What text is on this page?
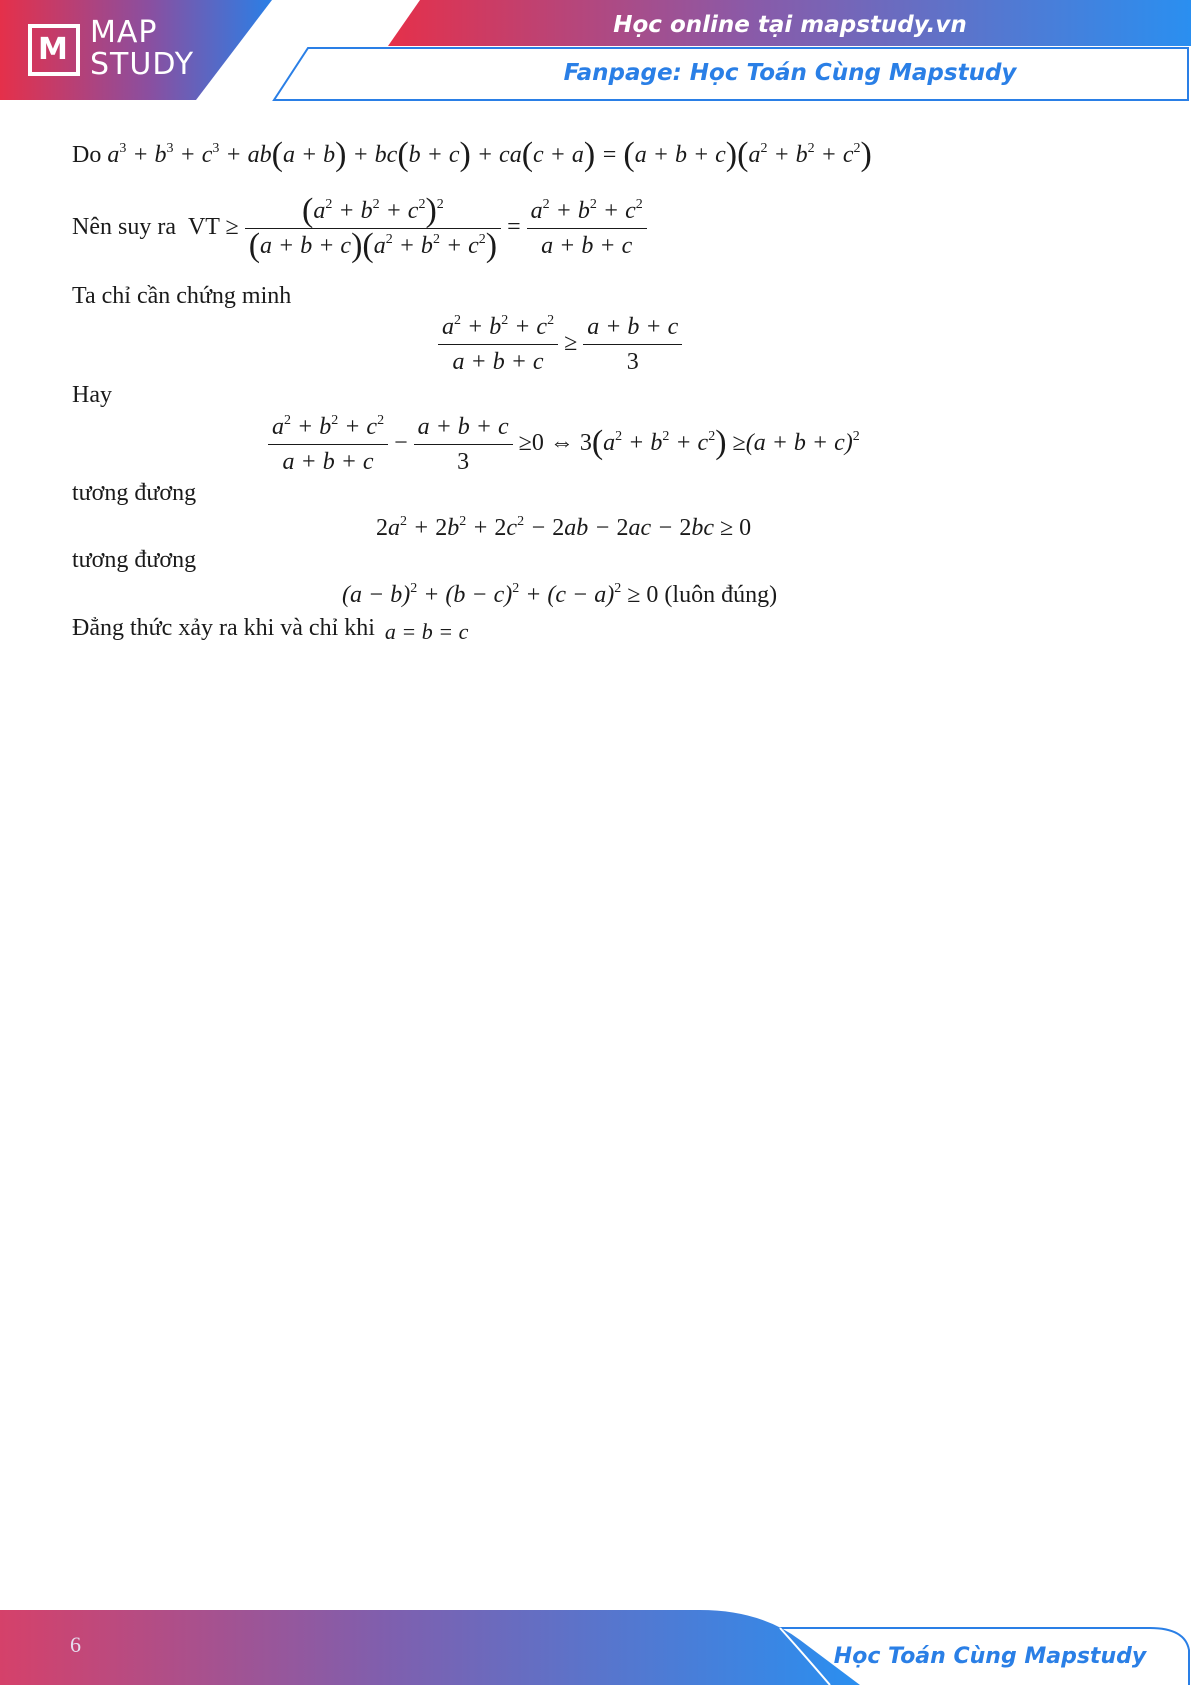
M MAP
STUDY
Học online tại mapstudy.vn
Fanpage: Học Toán Cùng Mapstudy
Do $a^3 + b^3 + c^3 + ab(a + b) + bc(b + c) + ca(c + a) = (a + b + c)(a^2 + b^2 + c^2)$
Nên suy ra VT ≥ $\frac{(a^2 + b^2 + c^2)^2}{(a + b + c)(a^2 + b^2 + c^2)} = \frac{a^2 + b^2 + c^2}{a + b + c}$
Ta chỉ cần chứng minh
$\frac{a^2 + b^2 + c^2}{a + b + c} \ge \frac{a + b + c}{3}$
Hay
$\frac{a^2 + b^2 + c^2}{a + b + c} - \frac{a + b + c}{3} \ge 0$ ⇔ $3(a^2 + b^2 + c^2) \ge(a + b + c)^2$
tương đương
$2a^2 + 2b^2 + 2c^2 - 2ab - 2ac - 2bc \ge 0$
tương đương
$(a - b)^2 + (b - c)^2 + (c - a)^2 \ge 0$ (luôn đúng)
Đẳng thức xảy ra khi và chỉ khi a = b = c
6	Học Toán Cùng Mapstudy
